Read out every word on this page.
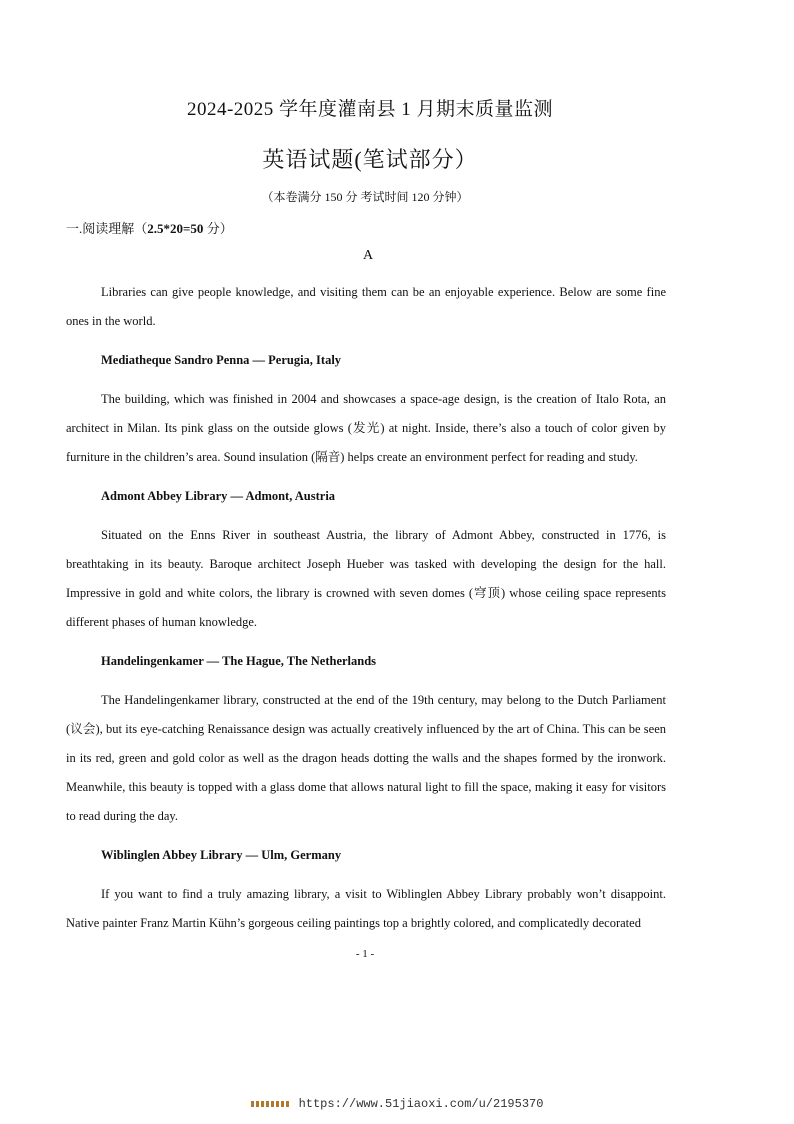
2024-2025 学年度灌南县 1 月期末质量监测
英语试题(笔试部分）
（本卷满分 150 分 考试时间 120 分钟）
一.阅读理解（2.5*20=50 分）
A

Libraries can give people knowledge, and visiting them can be an enjoyable experience. Below are some fine ones in the world.

Mediatheque Sandro Penna — Perugia, Italy

The building, which was finished in 2004 and showcases a space-age design, is the creation of Italo Rota, an architect in Milan. Its pink glass on the outside glows (发光) at night. Inside, there’s also a touch of color given by furniture in the children’s area. Sound insulation (隔音) helps create an environment perfect for reading and study.

Admont Abbey Library — Admont, Austria

Situated on the Enns River in southeast Austria, the library of Admont Abbey, constructed in 1776, is breathtaking in its beauty. Baroque architect Joseph Hueber was tasked with developing the design for the hall. Impressive in gold and white colors, the library is crowned with seven domes (穹顶) whose ceiling space represents different phases of human knowledge.

Handelingenkamer — The Hague, The Netherlands

The Handelingenkamer library, constructed at the end of the 19th century, may belong to the Dutch Parliament (议会), but its eye-catching Renaissance design was actually creatively influenced by the art of China. This can be seen in its red, green and gold color as well as the dragon heads dotting the walls and the shapes formed by the ironwork. Meanwhile, this beauty is topped with a glass dome that allows natural light to fill the space, making it easy for visitors to read during the day.

Wiblinglen Abbey Library — Ulm, Germany

If you want to find a truly amazing library, a visit to Wiblinglen Abbey Library probably won’t disappoint. Native painter Franz Martin Kühn’s gorgeous ceiling paintings top a brightly colored, and complicatedly decorated

- 1 -
https://www.51jiaoxi.com/u/2195370
